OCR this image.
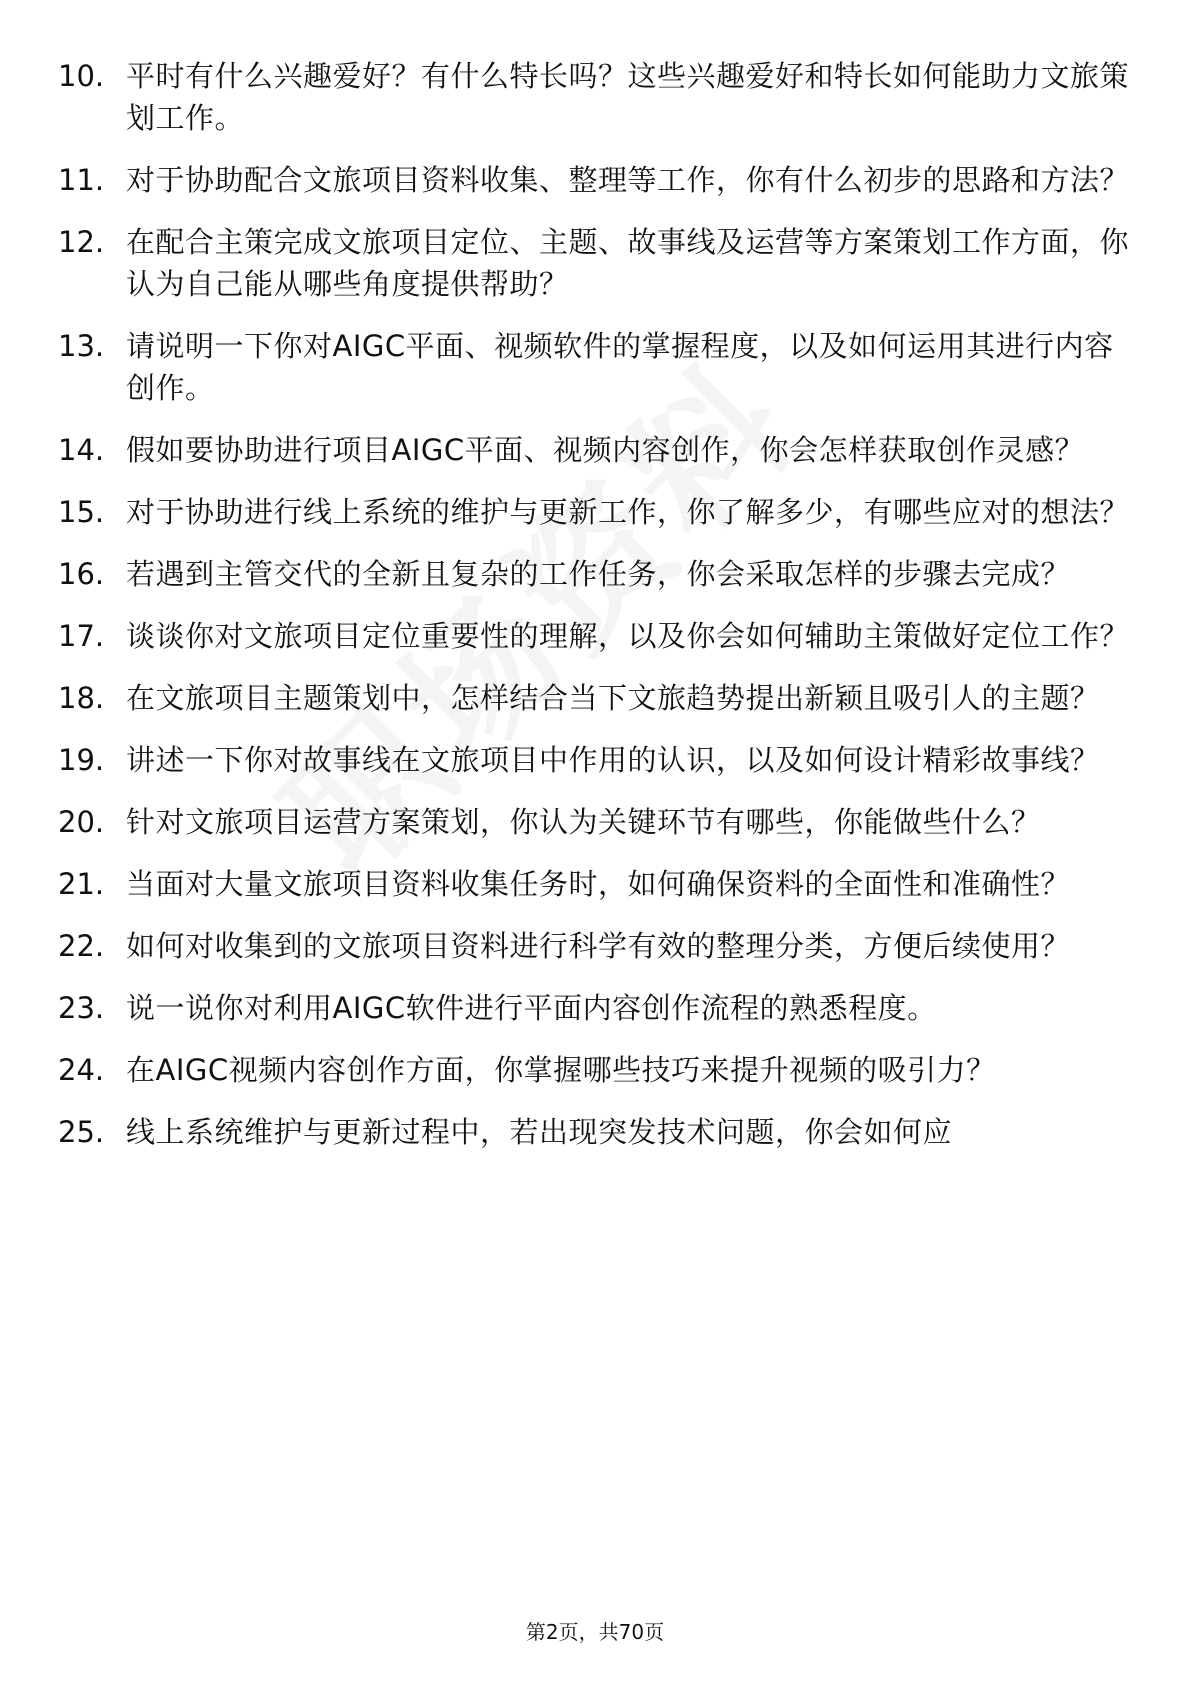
10. 平时有什么兴趣爱好？有什么特长吗？这些兴趣爱好和特长如何能助力文旅策划工作。
11. 对于协助配合文旅项目资料收集、整理等工作，你有什么初步的思路和方法？
12. 在配合主策完成文旅项目定位、主题、故事线及运营等方案策划工作方面，你认为自己能从哪些角度提供帮助？
13. 请说明一下你对AIGC平面、视频软件的掌握程度，以及如何运用其进行内容创作。
14. 假如要协助进行项目AIGC平面、视频内容创作，你会怎样获取创作灵感？
15. 对于协助进行线上系统的维护与更新工作，你了解多少，有哪些应对的想法？
16. 若遇到主管交代的全新且复杂的工作任务，你会采取怎样的步骤去完成？
17. 谈谈你对文旅项目定位重要性的理解，以及你会如何辅助主策做好定位工作？
18. 在文旅项目主题策划中，怎样结合当下文旅趋势提出新颖且吸引人的主题？
19. 讲述一下你对故事线在文旅项目中作用的认识，以及如何设计精彩故事线？
20. 针对文旅项目运营方案策划，你认为关键环节有哪些，你能做些什么？
21. 当面对大量文旅项目资料收集任务时，如何确保资料的全面性和准确性？
22. 如何对收集到的文旅项目资料进行科学有效的整理分类，方便后续使用？
23. 说一说你对利用AIGC软件进行平面内容创作流程的熟悉程度。
24. 在AIGC视频内容创作方面，你掌握哪些技巧来提升视频的吸引力？
25. 线上系统维护与更新过程中，若出现突发技术问题，你会如何应
第2页，共70页
